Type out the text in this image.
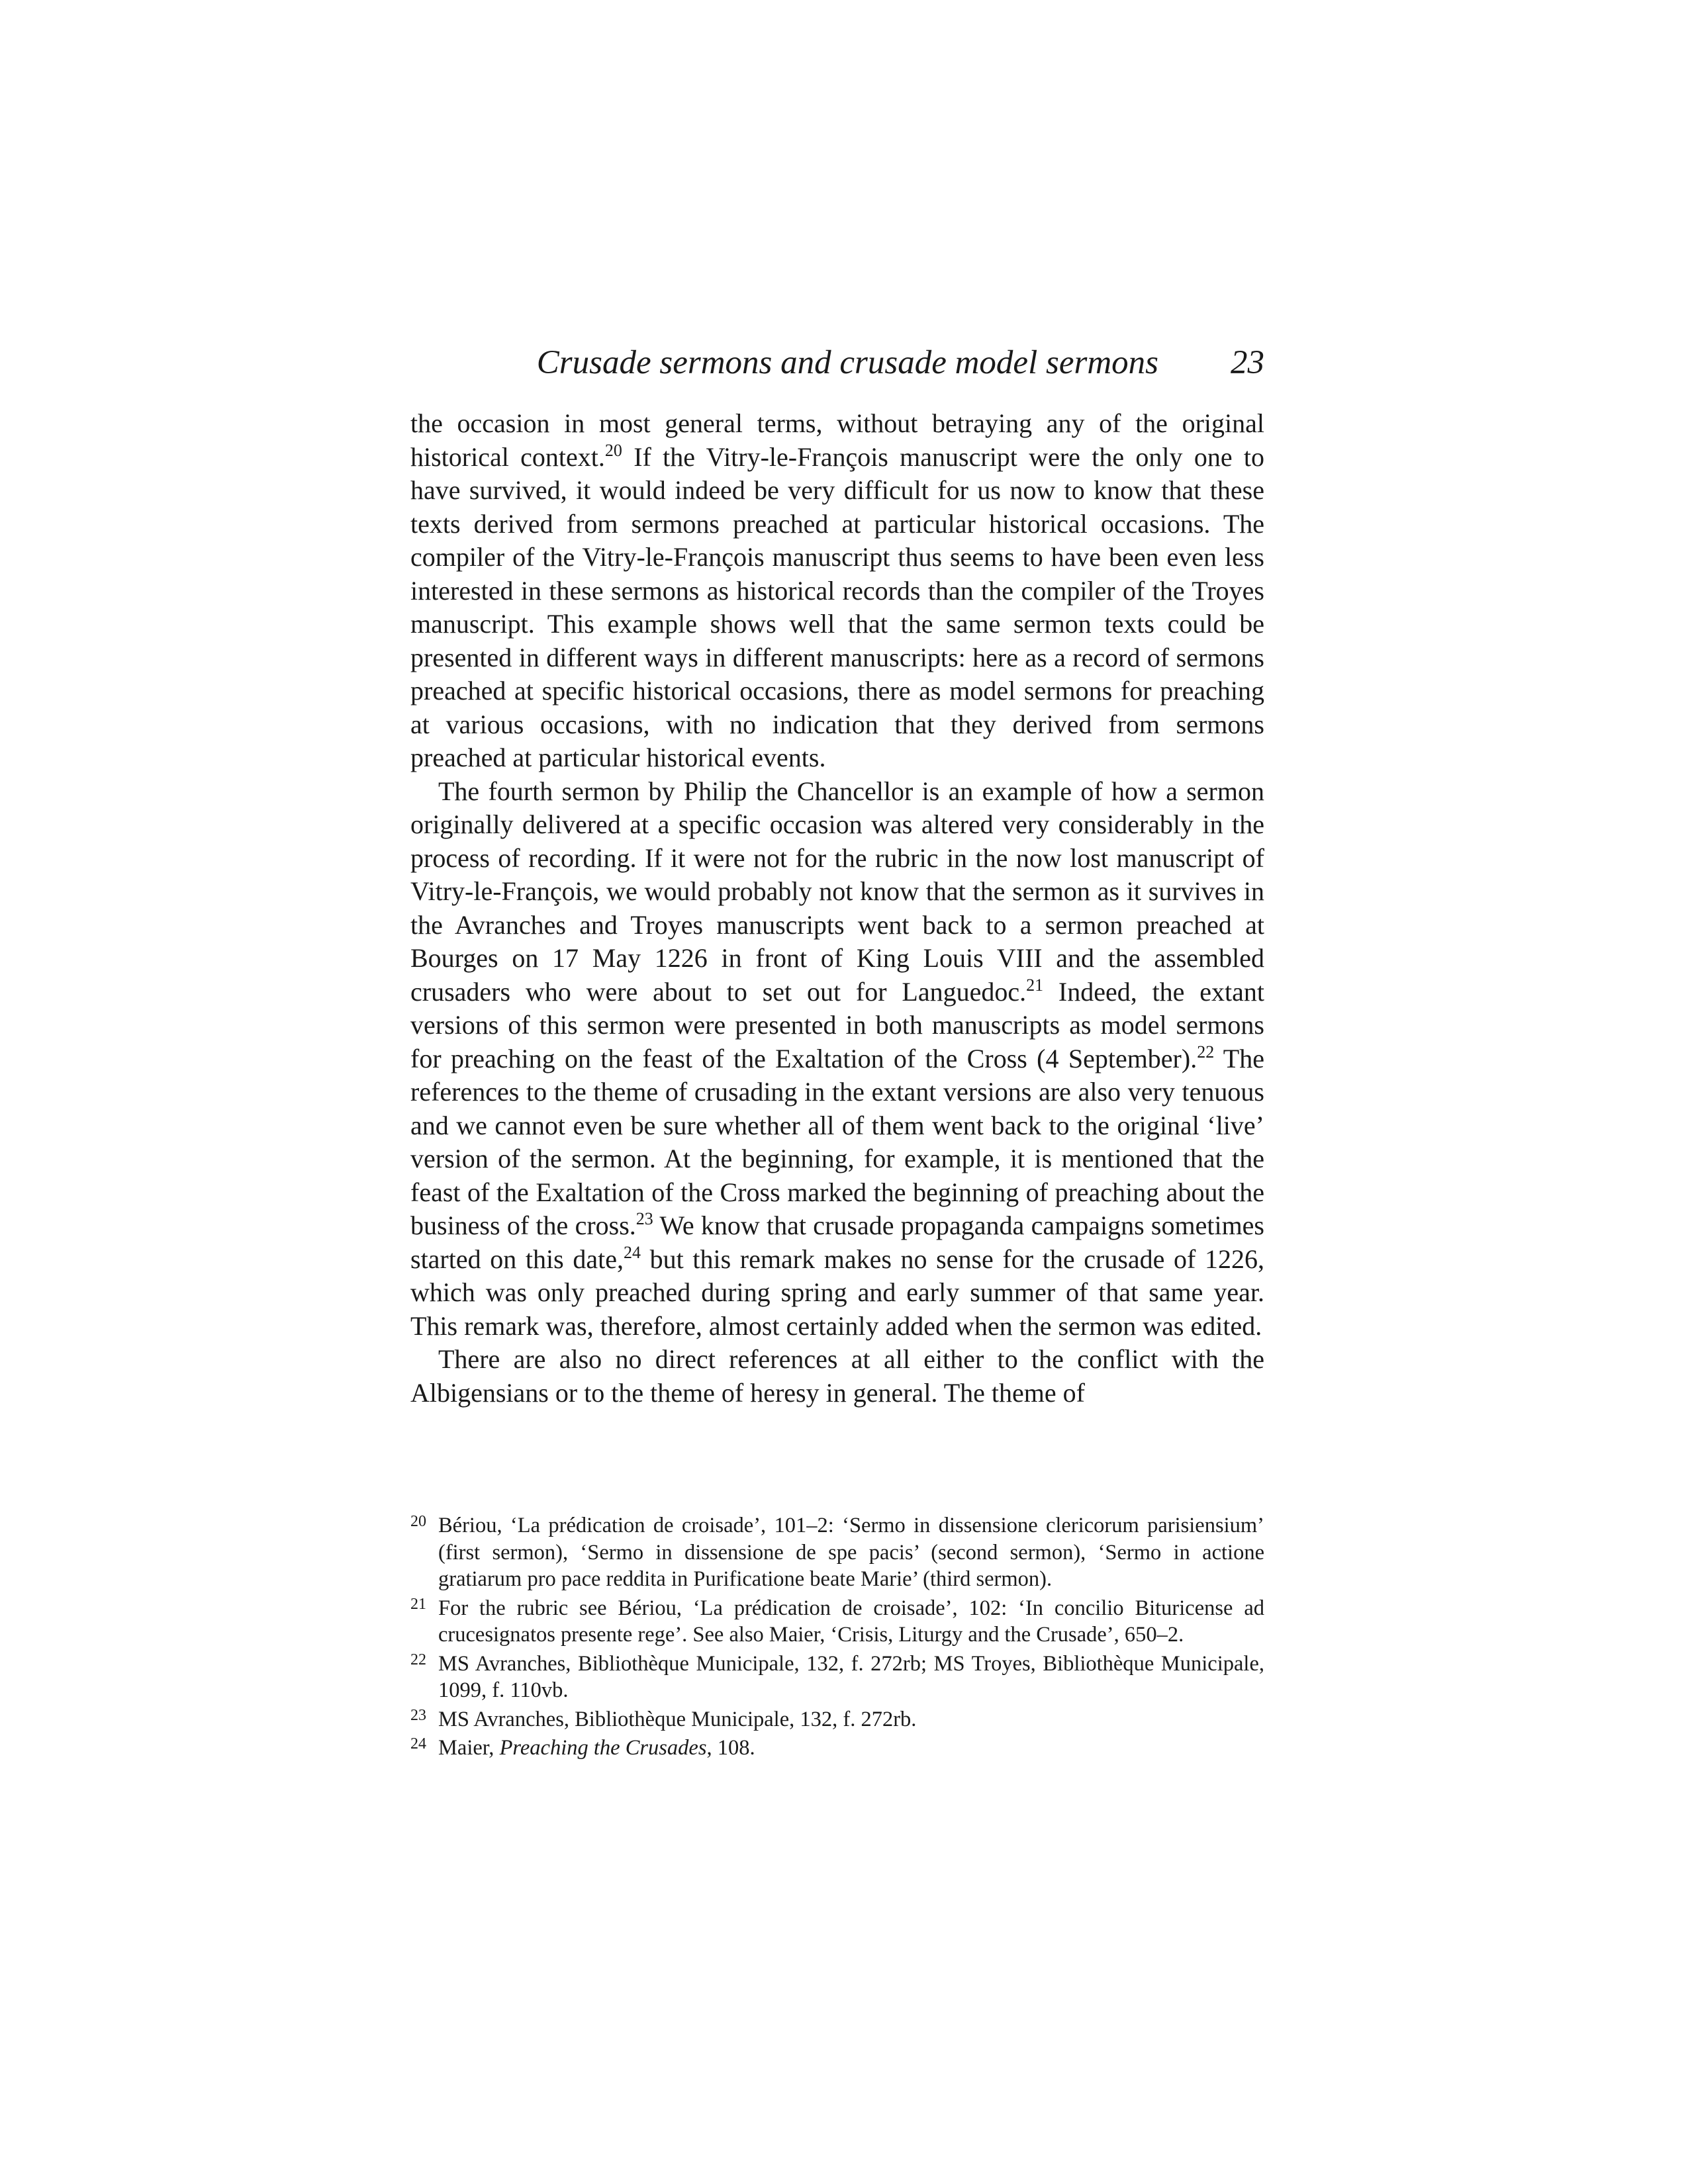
Crusade sermons and crusade model sermons 23

the occasion in most general terms, without betraying any of the original historical context.$^{20}$ If the Vitry-le-François manuscript were the only one to have survived, it would indeed be very difficult for us now to know that these texts derived from sermons preached at particular historical occasions. The compiler of the Vitry-le-François manuscript thus seems to have been even less interested in these sermons as historical records than the compiler of the Troyes manuscript. This example shows well that the same sermon texts could be presented in different ways in different manuscripts: here as a record of sermons preached at specific historical occasions, there as model sermons for preaching at various occasions, with no indication that they derived from sermons preached at particular historical events.

The fourth sermon by Philip the Chancellor is an example of how a sermon originally delivered at a specific occasion was altered very considerably in the process of recording. If it were not for the rubric in the now lost manuscript of Vitry-le-François, we would probably not know that the sermon as it survives in the Avranches and Troyes manuscripts went back to a sermon preached at Bourges on 17 May 1226 in front of King Louis VIII and the assembled crusaders who were about to set out for Languedoc.$^{21}$ Indeed, the extant versions of this sermon were presented in both manuscripts as model sermons for preaching on the feast of the Exaltation of the Cross (4 September).$^{22}$ The references to the theme of crusading in the extant versions are also very tenuous and we cannot even be sure whether all of them went back to the original ‘live’ version of the sermon. At the beginning, for example, it is mentioned that the feast of the Exaltation of the Cross marked the beginning of preaching about the business of the cross.$^{23}$ We know that crusade propaganda campaigns sometimes started on this date,$^{24}$ but this remark makes no sense for the crusade of 1226, which was only preached during spring and early summer of that same year. This remark was, therefore, almost certainly added when the sermon was edited.

There are also no direct references at all either to the conflict with the Albigensians or to the theme of heresy in general. The theme of

20 Bériou, ‘La prédication de croisade’, 101–2: ‘Sermo in dissensione clericorum parisiensium’ (first sermon), ‘Sermo in dissensione de spe pacis’ (second sermon), ‘Sermo in actione gratiarum pro pace reddita in Purificatione beate Marie’ (third sermon).
21 For the rubric see Bériou, ‘La prédication de croisade’, 102: ‘In concilio Bituricense ad crucesignatos presente rege’. See also Maier, ‘Crisis, Liturgy and the Crusade’, 650–2.
22 MS Avranches, Bibliothèque Municipale, 132, f. 272rb; MS Troyes, Bibliothèque Municipale, 1099, f. 110vb.
23 MS Avranches, Bibliothèque Municipale, 132, f. 272rb.
24 Maier, Preaching the Crusades, 108.
